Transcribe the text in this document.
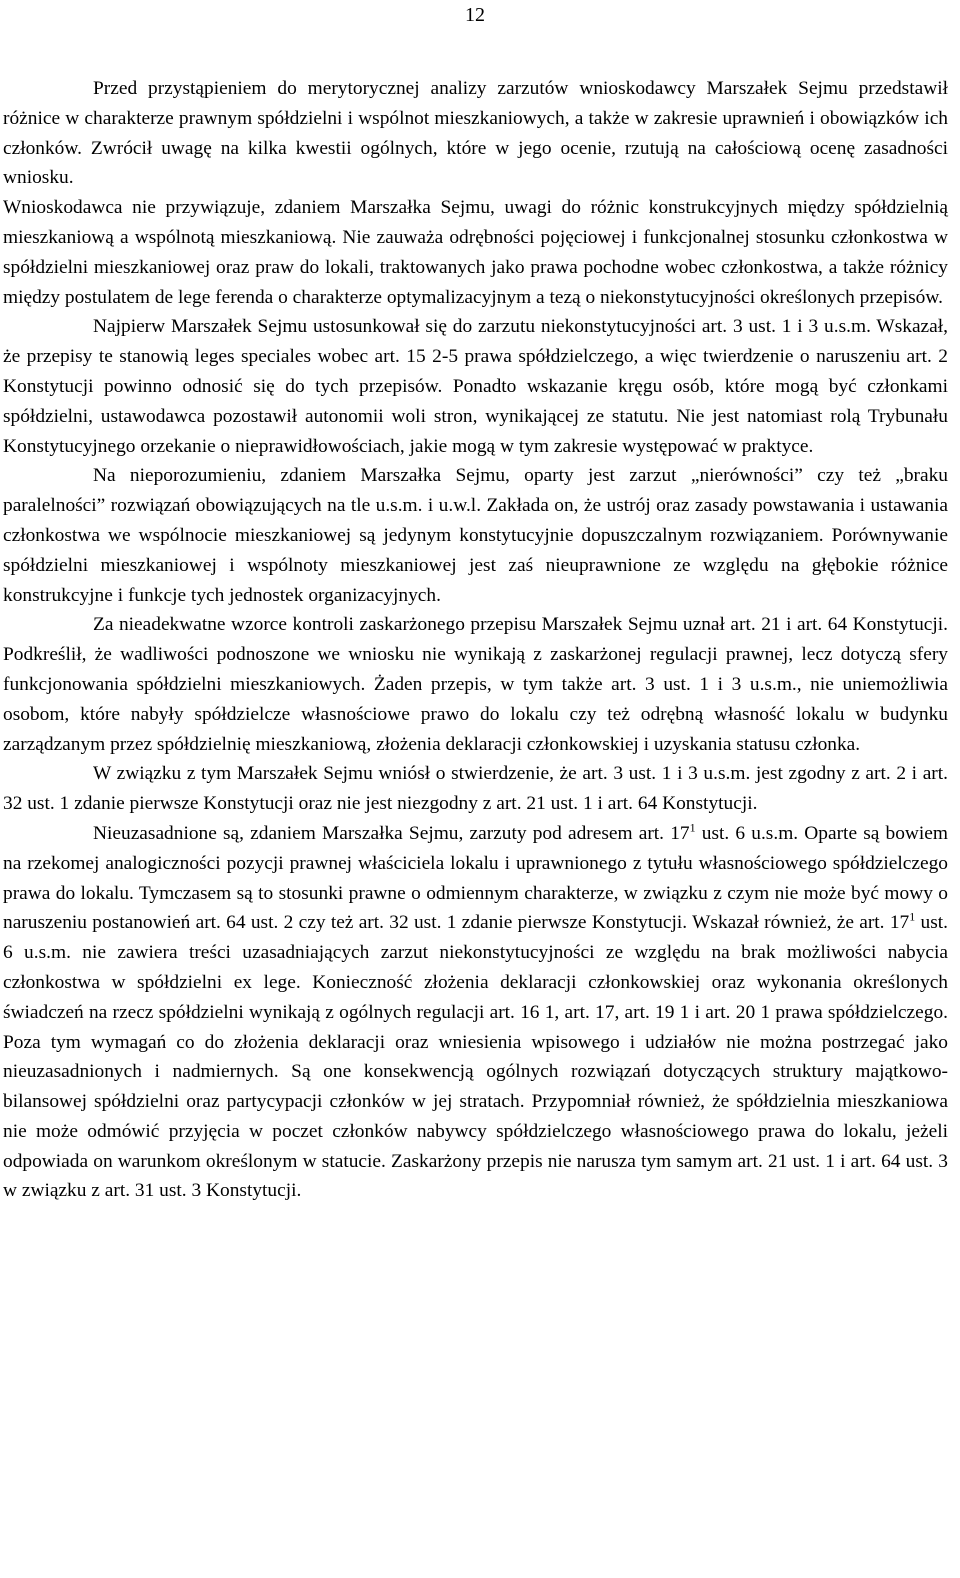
12

Przed przystąpieniem do merytorycznej analizy zarzutów wnioskodawcy Marszałek Sejmu przedstawił różnice w charakterze prawnym spółdzielni i wspólnot mieszkaniowych, a także w zakresie uprawnień i obowiązków ich członków. Zwrócił uwagę na kilka kwestii ogólnych, które w jego ocenie, rzutują na całościową ocenę zasadności wniosku.

Wnioskodawca nie przywiązuje, zdaniem Marszałka Sejmu, uwagi do różnic konstrukcyjnych między spółdzielnią mieszkaniową a wspólnotą mieszkaniową. Nie zauważa odrębności pojęciowej i funkcjonalnej stosunku członkostwa w spółdzielni mieszkaniowej oraz praw do lokali, traktowanych jako prawa pochodne wobec członkostwa, a także różnicy między postulatem de lege ferenda o charakterze optymalizacyjnym a tezą o niekonstytucyjności określonych przepisów.

Najpierw Marszałek Sejmu ustosunkował się do zarzutu niekonstytucyjności art. 3 ust. 1 i 3 u.s.m. Wskazał, że przepisy te stanowią leges speciales wobec art. 15 2-5 prawa spółdzielczego, a więc twierdzenie o naruszeniu art. 2 Konstytucji powinno odnosić się do tych przepisów. Ponadto wskazanie kręgu osób, które mogą być członkami spółdzielni, ustawodawca pozostawił autonomii woli stron, wynikającej ze statutu. Nie jest natomiast rolą Trybunału Konstytucyjnego orzekanie o nieprawidłowościach, jakie mogą w tym zakresie występować w praktyce.

Na nieporozumieniu, zdaniem Marszałka Sejmu, oparty jest zarzut „nierówności” czy też „braku paralelności” rozwiązań obowiązujących na tle u.s.m. i u.w.l. Zakłada on, że ustrój oraz zasady powstawania i ustawania członkostwa we wspólnocie mieszkaniowej są jedynym konstytucyjnie dopuszczalnym rozwiązaniem. Porównywanie spółdzielni mieszkaniowej i wspólnoty mieszkaniowej jest zaś nieuprawnione ze względu na głębokie różnice konstrukcyjne i funkcje tych jednostek organizacyjnych.

Za nieadekwatne wzorce kontroli zaskarżonego przepisu Marszałek Sejmu uznał art. 21 i art. 64 Konstytucji. Podkreślił, że wadliwości podnoszone we wniosku nie wynikają z zaskarżonej regulacji prawnej, lecz dotyczą sfery funkcjonowania spółdzielni mieszkaniowych. Żaden przepis, w tym także art. 3 ust. 1 i 3 u.s.m., nie uniemożliwia osobom, które nabyły spółdzielcze własnościowe prawo do lokalu czy też odrębną własność lokalu w budynku zarządzanym przez spółdzielnię mieszkaniową, złożenia deklaracji członkowskiej i uzyskania statusu członka.

W związku z tym Marszałek Sejmu wniósł o stwierdzenie, że art. 3 ust. 1 i 3 u.s.m. jest zgodny z art. 2 i art. 32 ust. 1 zdanie pierwsze Konstytucji oraz nie jest niezgodny z art. 21 ust. 1 i art. 64 Konstytucji.

Nieuzasadnione są, zdaniem Marszałka Sejmu, zarzuty pod adresem art. $17^1$ ust. 6 u.s.m. Oparte są bowiem na rzekomej analogiczności pozycji prawnej właściciela lokalu i uprawnionego z tytułu własnościowego spółdzielczego prawa do lokalu. Tymczasem są to stosunki prawne o odmiennym charakterze, w związku z czym nie może być mowy o naruszeniu postanowień art. 64 ust. 2 czy też art. 32 ust. 1 zdanie pierwsze Konstytucji. Wskazał również, że art. $17^1$ ust. 6 u.s.m. nie zawiera treści uzasadniających zarzut niekonstytucyjności ze względu na brak możliwości nabycia członkostwa w spółdzielni ex lege. Konieczność złożenia deklaracji członkowskiej oraz wykonania określonych świadczeń na rzecz spółdzielni wynikają z ogólnych regulacji art. 16 1, art. 17, art. 19 1 i art. 20 1 prawa spółdzielczego. Poza tym wymagań co do złożenia deklaracji oraz wniesienia wpisowego i udziałów nie można postrzegać jako nieuzasadnionych i nadmiernych. Są one konsekwencją ogólnych rozwiązań dotyczących struktury majątkowo-bilansowej spółdzielni oraz partycypacji członków w jej stratach. Przypomniał również, że spółdzielnia mieszkaniowa nie może odmówić przyjęcia w poczet członków nabywcy spółdzielczego własnościowego prawa do lokalu, jeżeli odpowiada on warunkom określonym w statucie. Zaskarżony przepis nie narusza tym samym art. 21 ust. 1 i art. 64 ust. 3 w związku z art. 31 ust. 3 Konstytucji.
